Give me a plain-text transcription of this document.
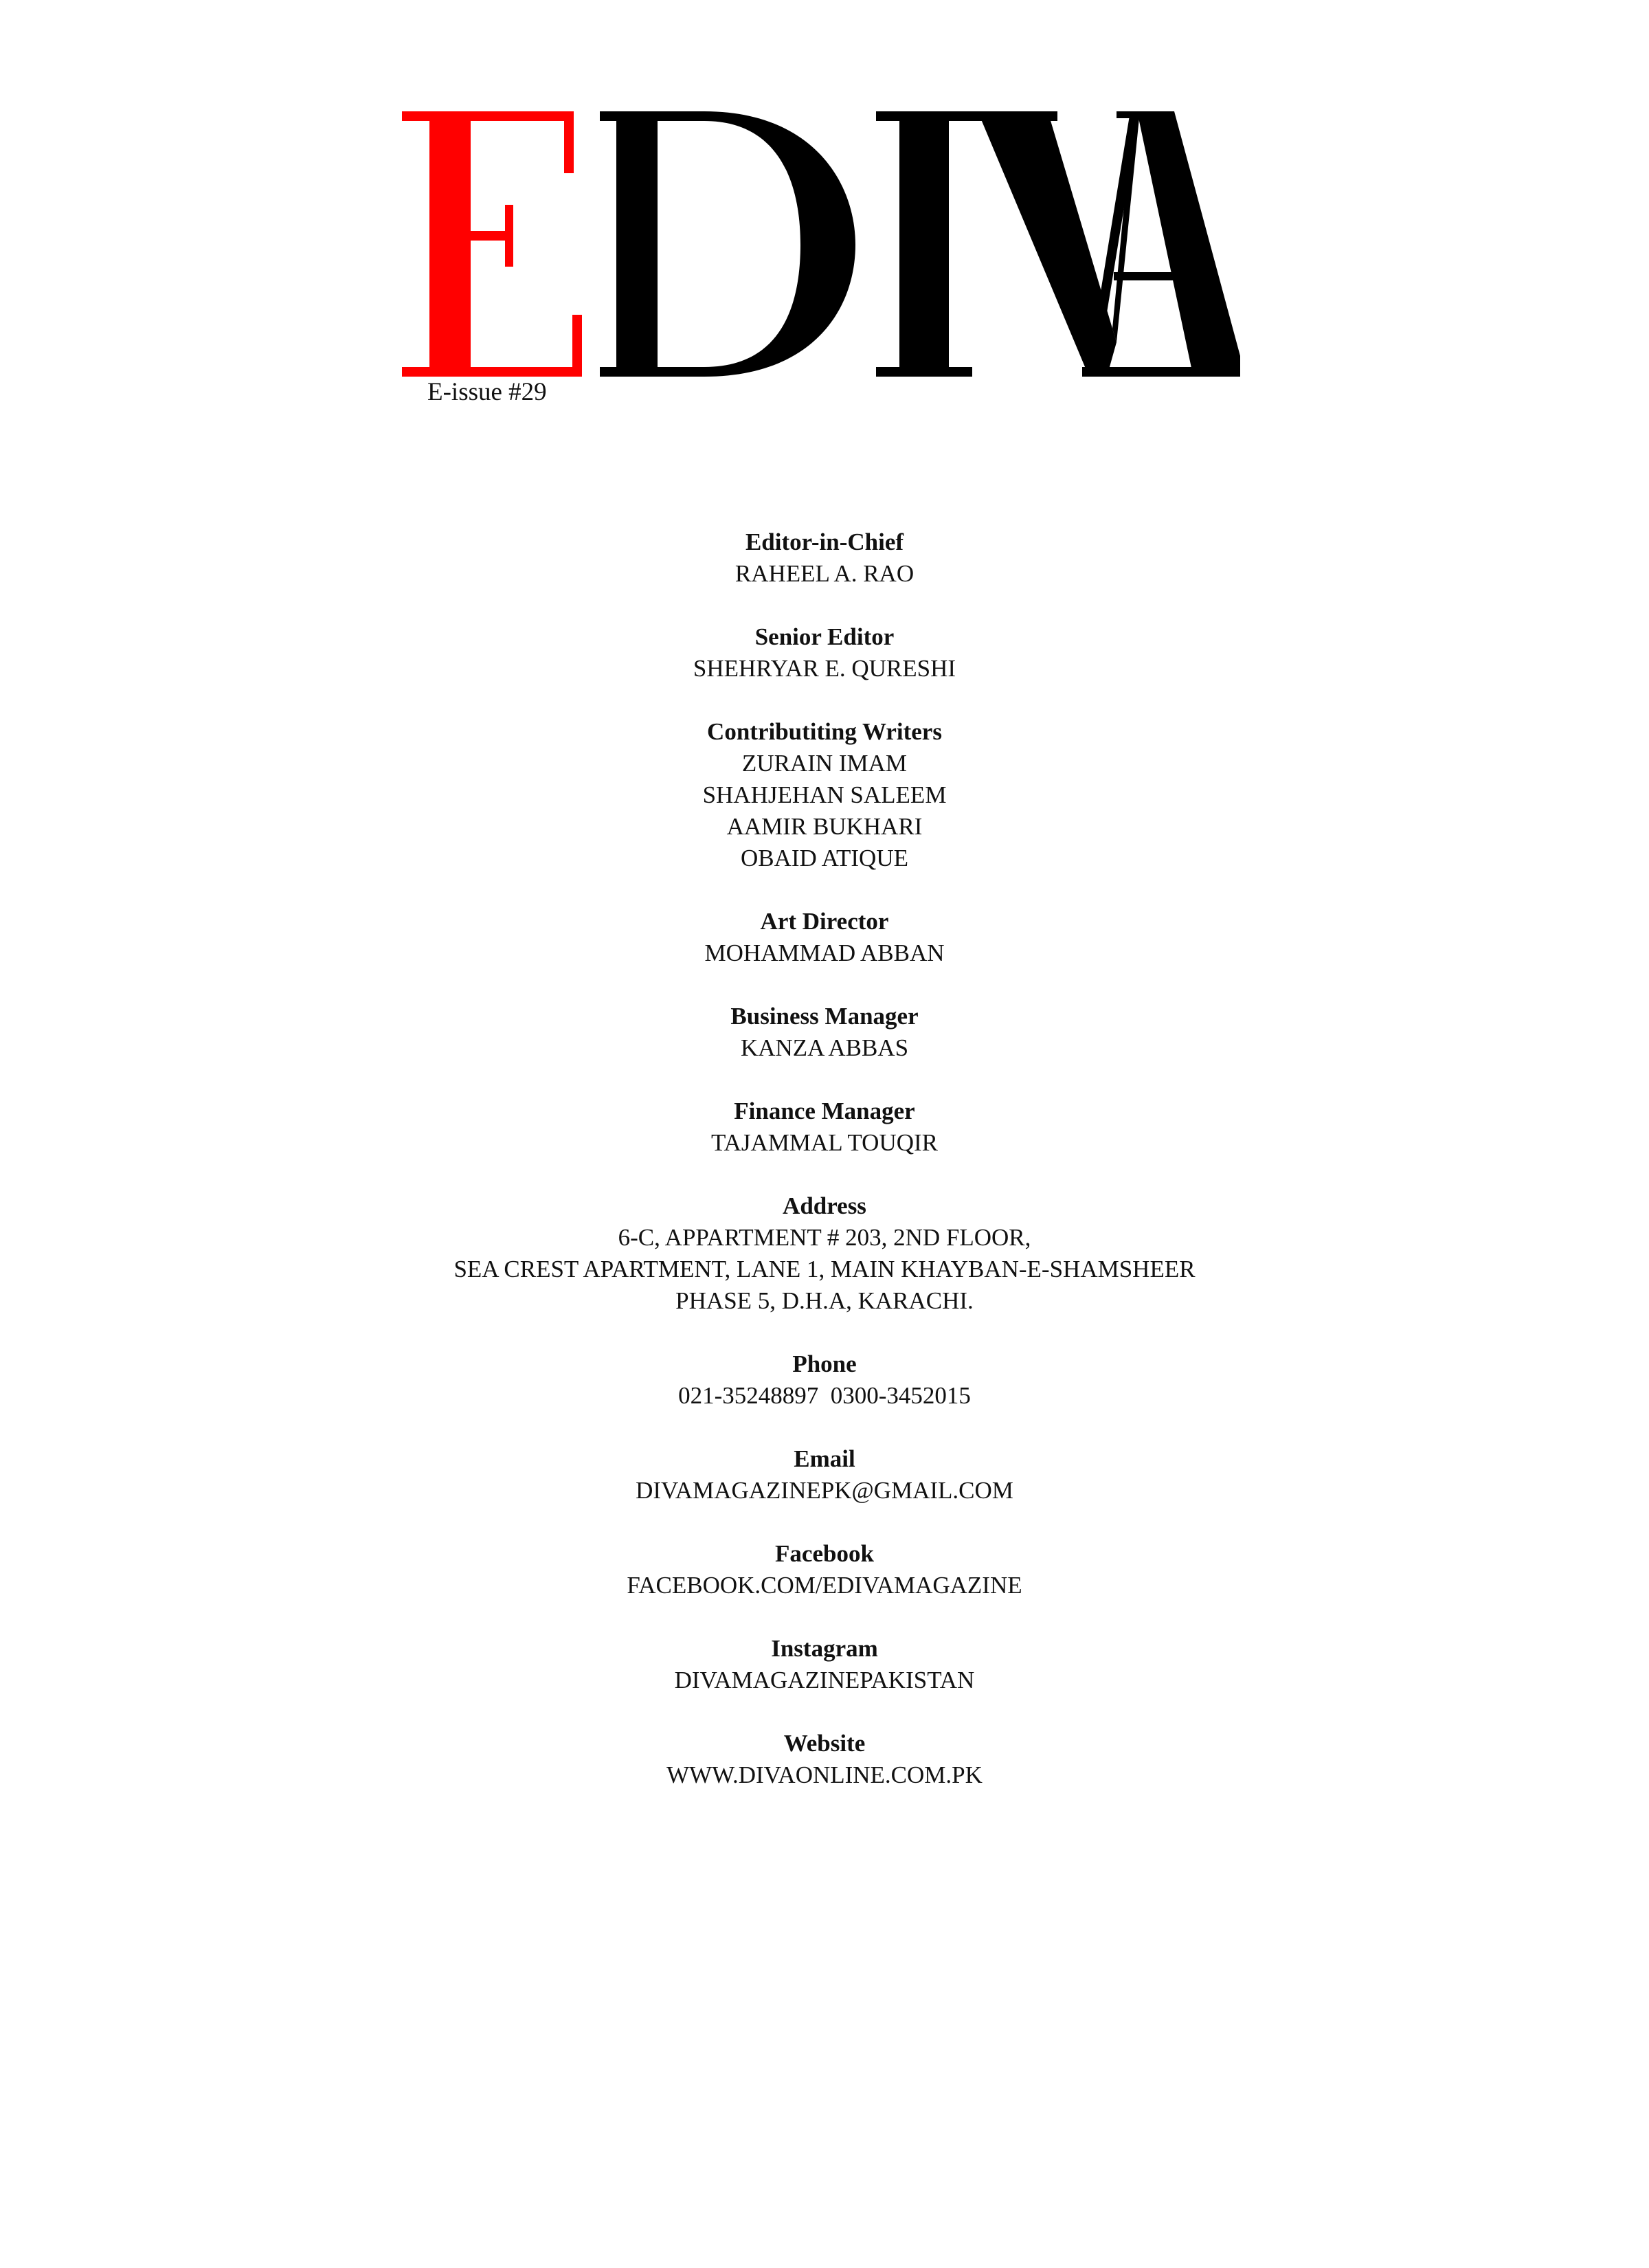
E-issue #29
Editor-in-Chief
RAHEEL A. RAO
Senior Editor
SHEHRYAR E. QURESHI
Contributiting Writers
ZURAIN IMAM
SHAHJEHAN SALEEM
AAMIR BUKHARI
OBAID ATIQUE
Art Director
MOHAMMAD ABBAN
Business Manager
KANZA ABBAS
Finance Manager
TAJAMMAL TOUQIR
Address
6-C, APPARTMENT # 203, 2ND FLOOR,
SEA CREST APARTMENT, LANE 1, MAIN KHAYBAN-E-SHAMSHEER
PHASE 5, D.H.A, KARACHI.
Phone
021-35248897  0300-3452015
Email
DIVAMAGAZINEPK@GMAIL.COM
Facebook
FACEBOOK.COM/EDIVAMAGAZINE
Instagram
DIVAMAGAZINEPAKISTAN
Website
WWW.DIVAONLINE.COM.PK
